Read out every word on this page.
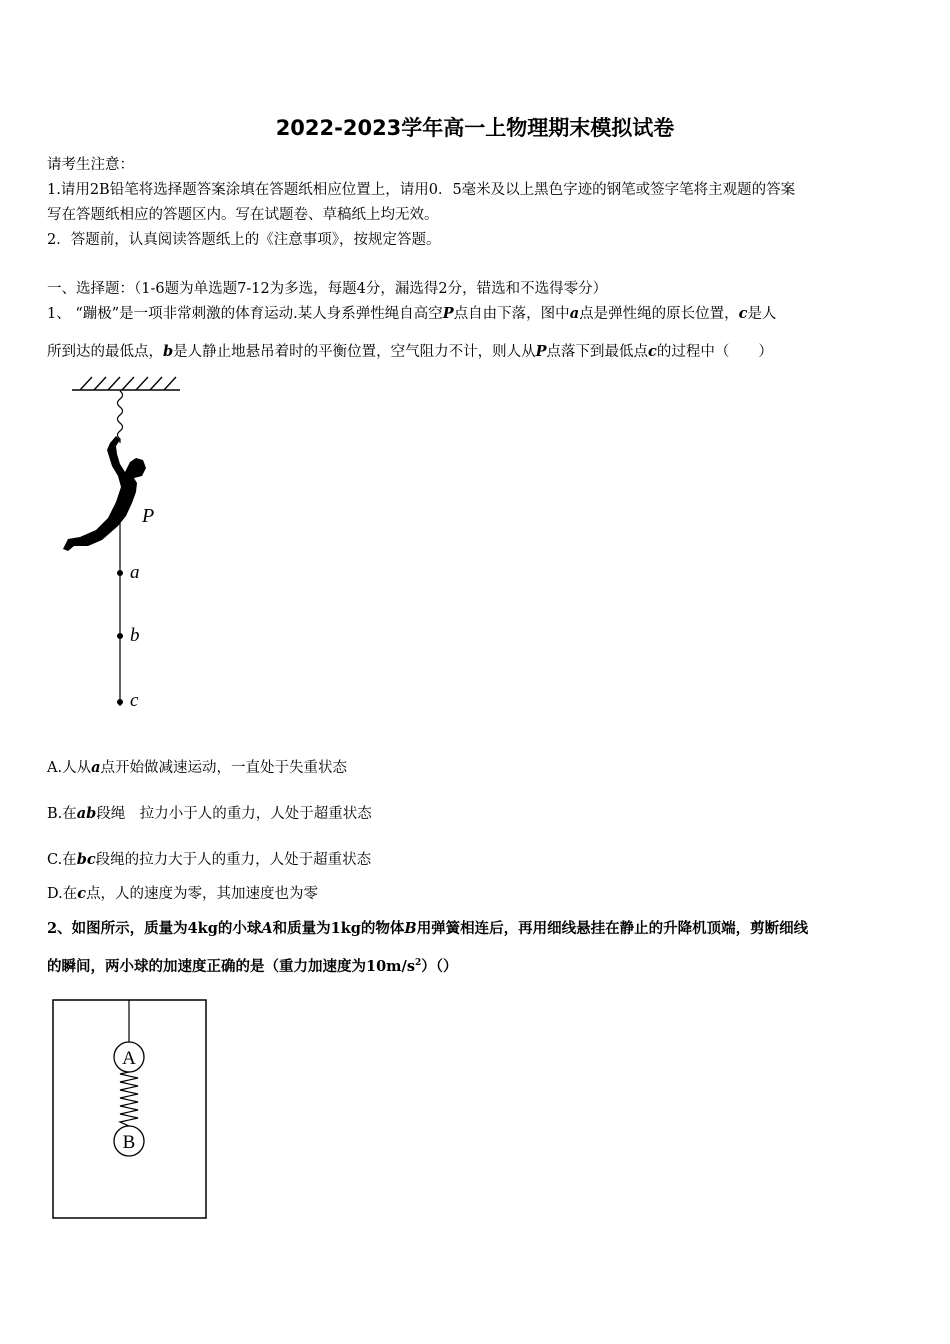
2022-2023学年高一上物理期末模拟试卷
请考生注意：
1.请用2B铅笔将选择题答案涂填在答题纸相应位置上，请用0．5毫米及以上黑色字迹的钢笔或签字笔将主观题的答案
写在答题纸相应的答题区内。写在试题卷、草稿纸上均无效。
2．答题前，认真阅读答题纸上的《注意事项》，按规定答题。
一、选择题：（1-6题为单选题7-12为多选，每题4分，漏选得2分，错选和不选得零分）
1、 “蹦极”是一项非常刺激的体育运动.某人身系弹性绳自高空P点自由下落，图中a点是弹性绳的原长位置，c是人
所到达的最低点，b是人静止地悬吊着时的平衡位置，空气阻力不计，则人从P点落下到最低点c的过程中（　　）
P
a
b
c
A.人从a点开始做减速运动，一直处于失重状态
B.在ab段绳　拉力小于人的重力，人处于超重状态
C.在bc段绳的拉力大于人的重力，人处于超重状态
D.在c点，人的速度为零，其加速度也为零
2、如图所示，质量为4kg的小球A和质量为1kg的物体B用弹簧相连后，再用细线悬挂在静止的升降机顶端，剪断细线
的瞬间，两小球的加速度正确的是（重力加速度为$10m/s^2)()$
A
B
